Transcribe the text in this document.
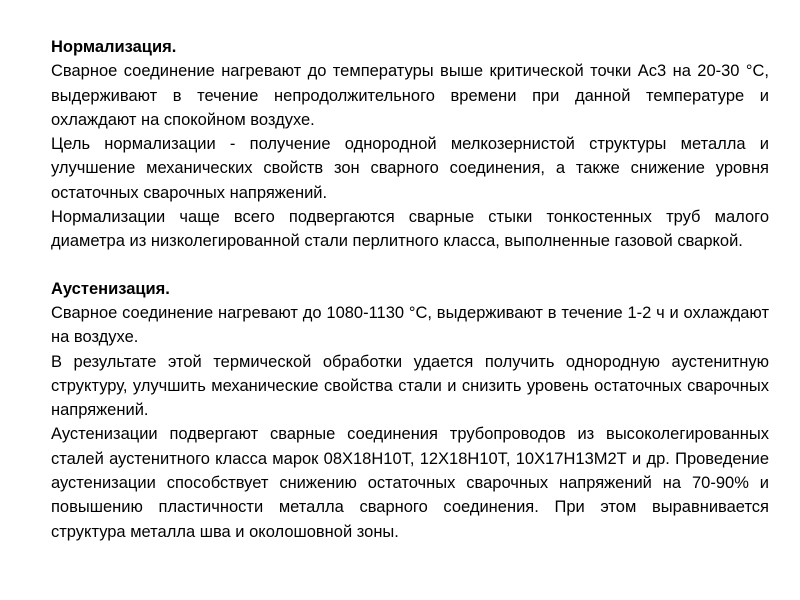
Нормализация.

Сварное соединение нагревают до температуры выше критической точки Ас3 на 20-30 °С, выдерживают в течение непродолжительного времени при данной температуре и охлаждают на спокойном воздухе.

Цель нормализации - получение однородной мелкозернистой структуры металла и улучшение механических свойств зон сварного соединения, а также снижение уровня остаточных сварочных напряжений.

Нормализации чаще всего подвергаются сварные стыки тонкостенных труб малого диаметра из низколегированной стали перлитного класса, выполненные газовой сваркой.

Аустенизация.

Сварное соединение нагревают до 1080-1130 °С, выдерживают в течение 1-2 ч и охлаждают на воздухе.

В результате этой термической обработки удается получить однородную аустенитную структуру, улучшить механические свойства стали и снизить уровень остаточных сварочных напряжений.

Аустенизации подвергают сварные соединения трубопроводов из высоколегированных сталей аустенитного класса марок 08Х18Н10Т, 12Х18Н10Т, 10Х17Н13М2Т и др. Проведение аустенизации способствует снижению остаточных сварочных напряжений на 70-90% и повышению пластичности металла сварного соединения. При этом выравнивается структура металла шва и околошовной зоны.
